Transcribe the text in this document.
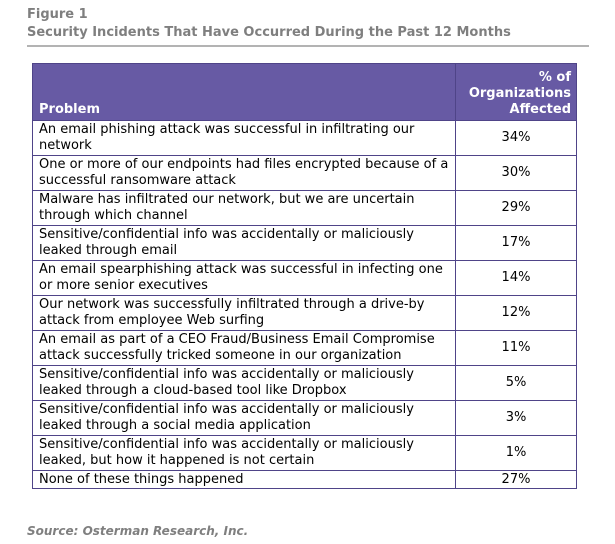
Figure 1
Security Incidents That Have Occurred During the Past 12 Months
Problem	% of Organizations Affected
An email phishing attack was successful in infiltrating our network	34%
One or more of our endpoints had files encrypted because of a successful ransomware attack	30%
Malware has infiltrated our network, but we are uncertain through which channel	29%
Sensitive/confidential info was accidentally or maliciously leaked through email	17%
An email spearphishing attack was successful in infecting one or more senior executives	14%
Our network was successfully infiltrated through a drive-by attack from employee Web surfing	12%
An email as part of a CEO Fraud/Business Email Compromise attack successfully tricked someone in our organization	11%
Sensitive/confidential info was accidentally or maliciously leaked through a cloud-based tool like Dropbox	5%
Sensitive/confidential info was accidentally or maliciously leaked through a social media application	3%
Sensitive/confidential info was accidentally or maliciously leaked, but how it happened is not certain	1%
None of these things happened	27%
Source: Osterman Research, Inc.
